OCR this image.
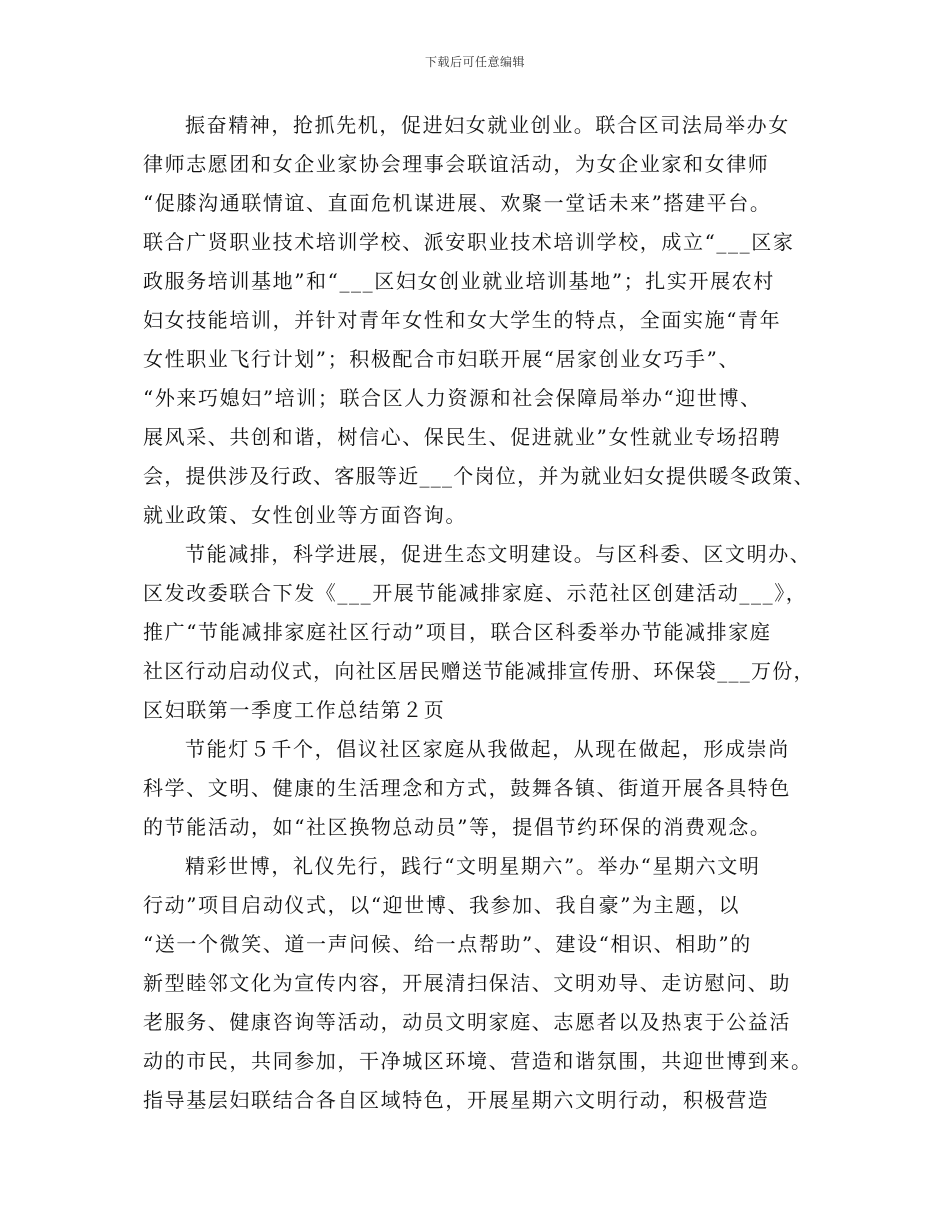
下载后可任意编辑
振奋精神，抢抓先机，促进妇女就业创业。联合区司法局举办女
律师志愿团和女企业家协会理事会联谊活动，为女企业家和女律师
“促膝沟通联情谊、直面危机谋进展、欢聚一堂话未来”搭建平台。
联合广贤职业技术培训学校、派安职业技术培训学校，成立“___区家
政服务培训基地”和“___区妇女创业就业培训基地”；扎实开展农村
妇女技能培训，并针对青年女性和女大学生的特点，全面实施“青年
女性职业飞行计划”；积极配合市妇联开展“居家创业女巧手”、
“外来巧媳妇”培训；联合区人力资源和社会保障局举办“迎世博、
展风采、共创和谐，树信心、保民生、促进就业”女性就业专场招聘
会，提供涉及行政、客服等近___个岗位，并为就业妇女提供暖冬政策、
就业政策、女性创业等方面咨询。
节能减排，科学进展，促进生态文明建设。与区科委、区文明办、
区发改委联合下发《___开展节能减排家庭、示范社区创建活动___》，
推广“节能减排家庭社区行动”项目，联合区科委举办节能减排家庭
社区行动启动仪式，向社区居民赠送节能减排宣传册、环保袋___万份，
区妇联第一季度工作总结第２页
节能灯５千个，倡议社区家庭从我做起，从现在做起，形成崇尚
科学、文明、健康的生活理念和方式，鼓舞各镇、街道开展各具特色
的节能活动，如“社区换物总动员”等，提倡节约环保的消费观念。
精彩世博，礼仪先行，践行“文明星期六”。举办“星期六文明
行动”项目启动仪式，以“迎世博、我参加、我自豪”为主题，以
“送一个微笑、道一声问候、给一点帮助”、建设“相识、相助”的
新型睦邻文化为宣传内容，开展清扫保洁、文明劝导、走访慰问、助
老服务、健康咨询等活动，动员文明家庭、志愿者以及热衷于公益活
动的市民，共同参加，干净城区环境、营造和谐氛围，共迎世博到来。
指导基层妇联结合各自区域特色，开展星期六文明行动，积极营造
